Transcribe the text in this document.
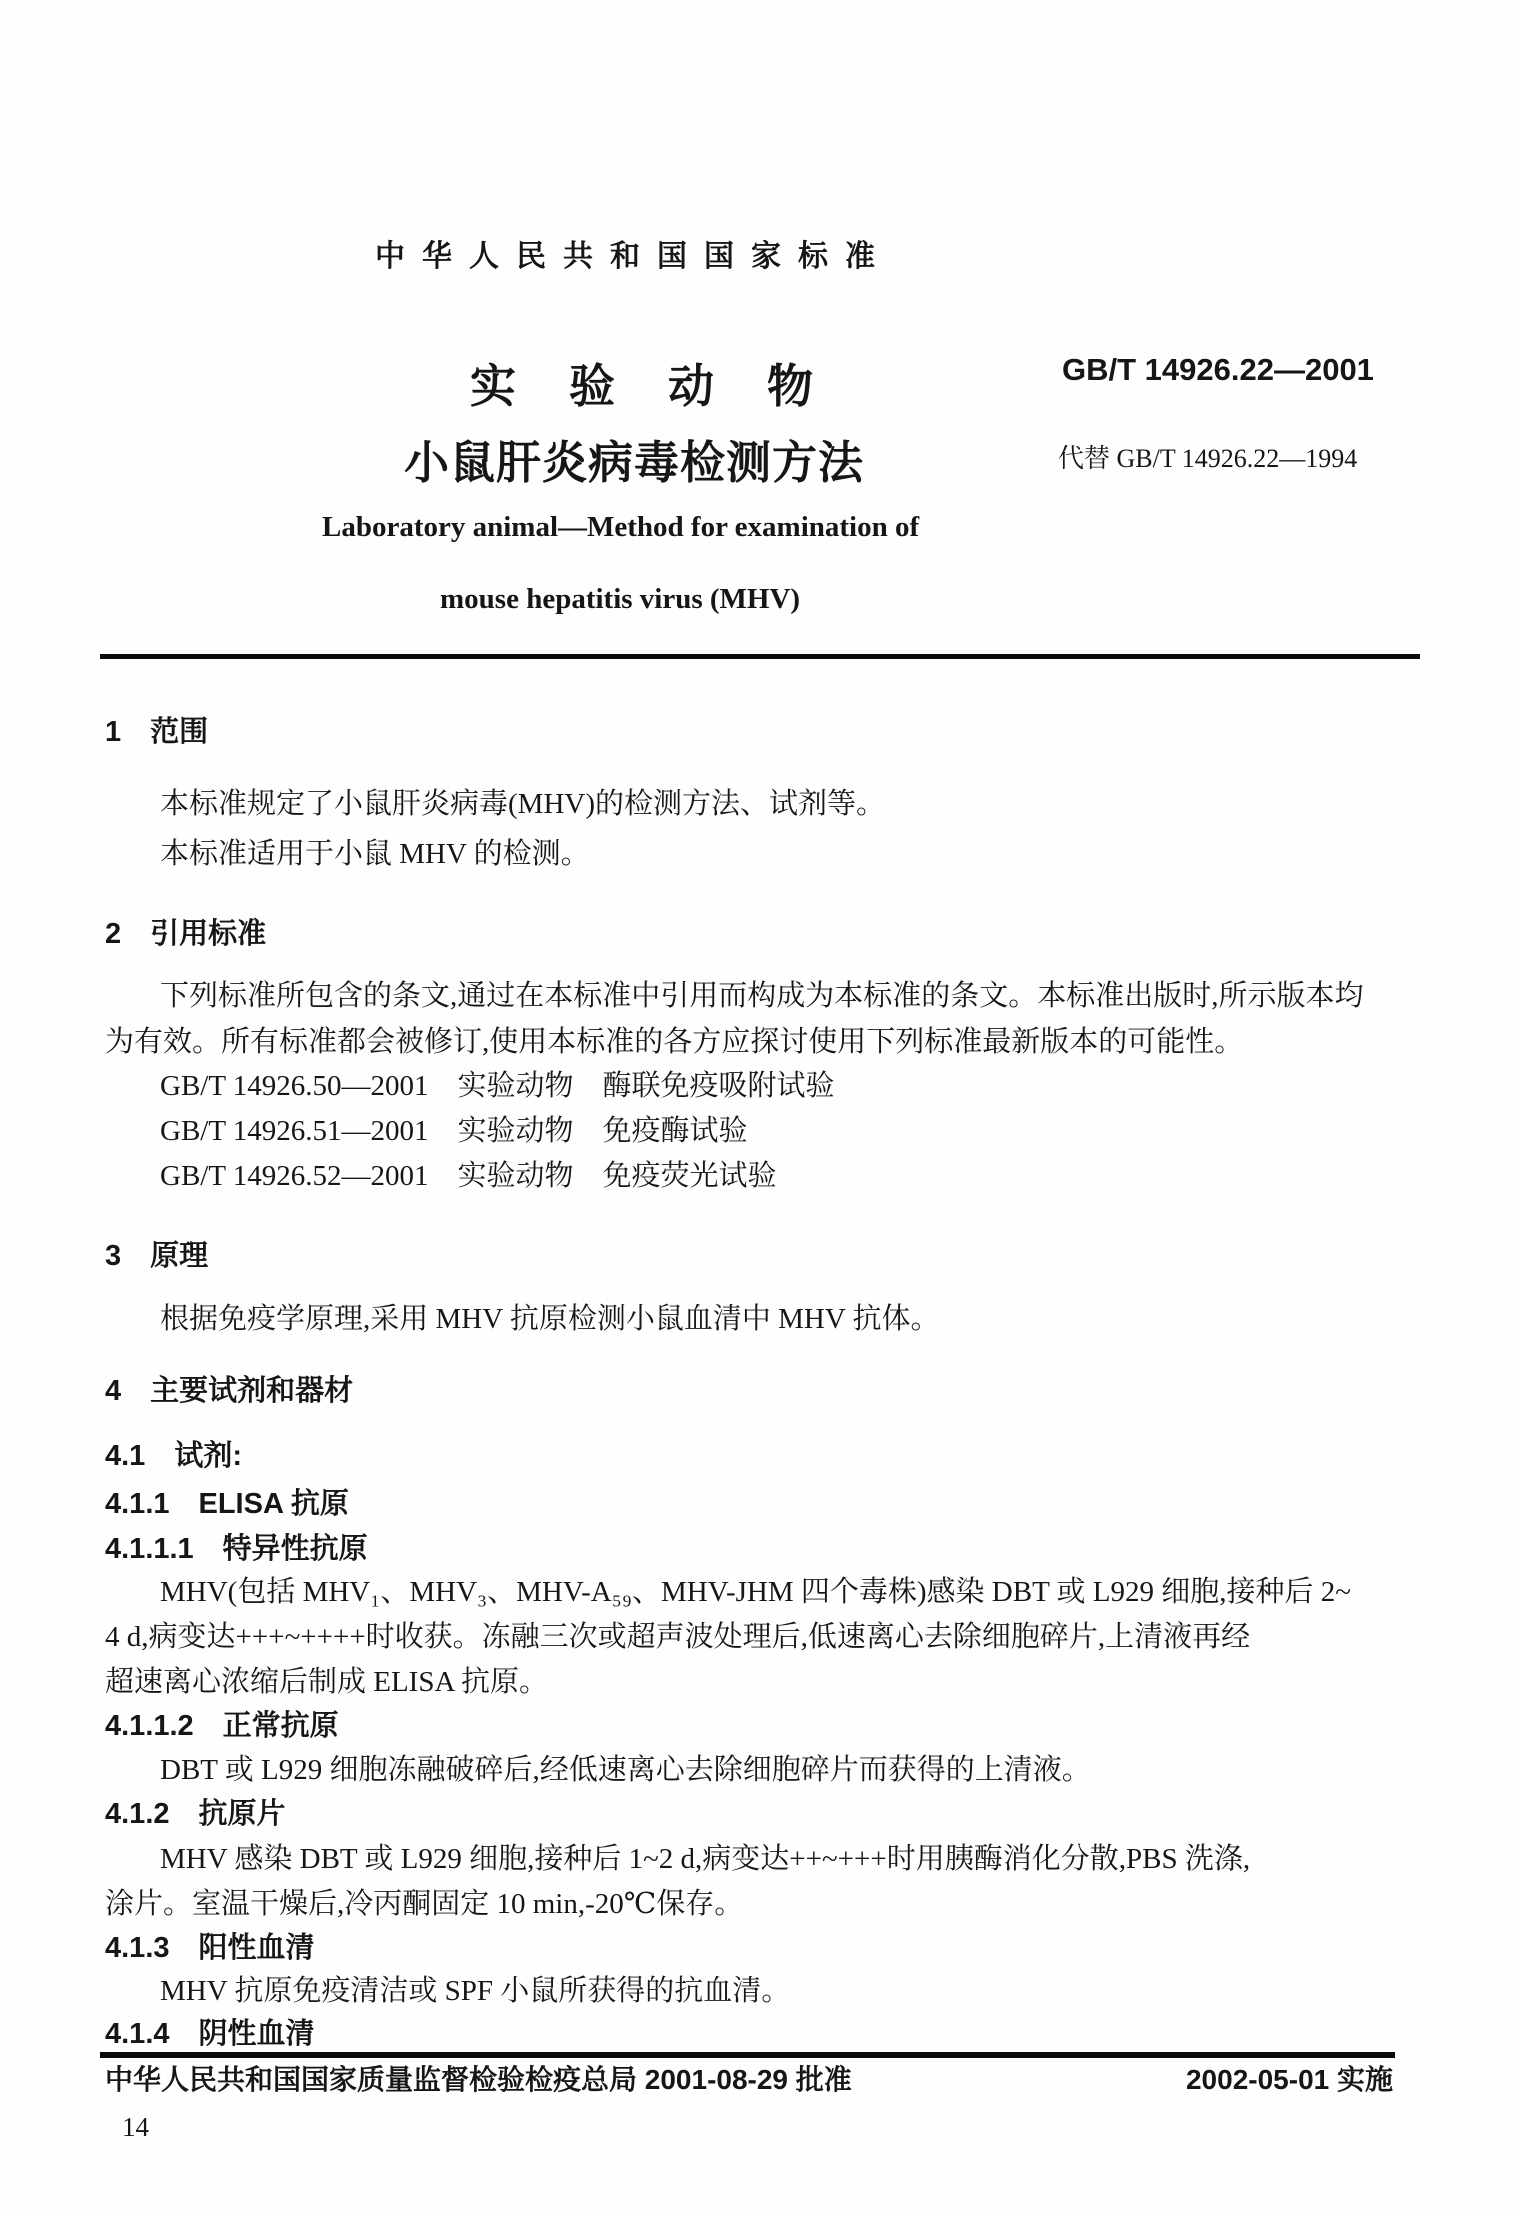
中华人民共和国国家标准
实验动物
小鼠肝炎病毒检测方法
Laboratory animal—Method for examination of
mouse hepatitis virus (MHV)
GB/T 14926.22—2001
代替 GB/T 14926.22—1994
1　范围
本标准规定了小鼠肝炎病毒(MHV)的检测方法、试剂等。
本标准适用于小鼠 MHV 的检测。
2　引用标准
下列标准所包含的条文,通过在本标准中引用而构成为本标准的条文。本标准出版时,所示版本均
为有效。所有标准都会被修订,使用本标准的各方应探讨使用下列标准最新版本的可能性。
GB/T 14926.50—2001　实验动物　酶联免疫吸附试验
GB/T 14926.51—2001　实验动物　免疫酶试验
GB/T 14926.52—2001　实验动物　免疫荧光试验
3　原理
根据免疫学原理,采用 MHV 抗原检测小鼠血清中 MHV 抗体。
4　主要试剂和器材
4.1　试剂:
4.1.1　ELISA 抗原
4.1.1.1　特异性抗原
MHV(包括 MHV₁、MHV₃、MHV-A₅₉、MHV-JHM 四个毒株)感染 DBT 或 L929 细胞,接种后 2~
4 d,病变达+++~++++时收获。冻融三次或超声波处理后,低速离心去除细胞碎片,上清液再经
超速离心浓缩后制成 ELISA 抗原。
4.1.1.2　正常抗原
DBT 或 L929 细胞冻融破碎后,经低速离心去除细胞碎片而获得的上清液。
4.1.2　抗原片
MHV 感染 DBT 或 L929 细胞,接种后 1~2 d,病变达++~+++时用胰酶消化分散,PBS 洗涤,
涂片。室温干燥后,冷丙酮固定 10 min,-20℃保存。
4.1.3　阳性血清
MHV 抗原免疫清洁或 SPF 小鼠所获得的抗血清。
4.1.4　阴性血清
中华人民共和国国家质量监督检验检疫总局 2001-08-29 批准	2002-05-01 实施
14
